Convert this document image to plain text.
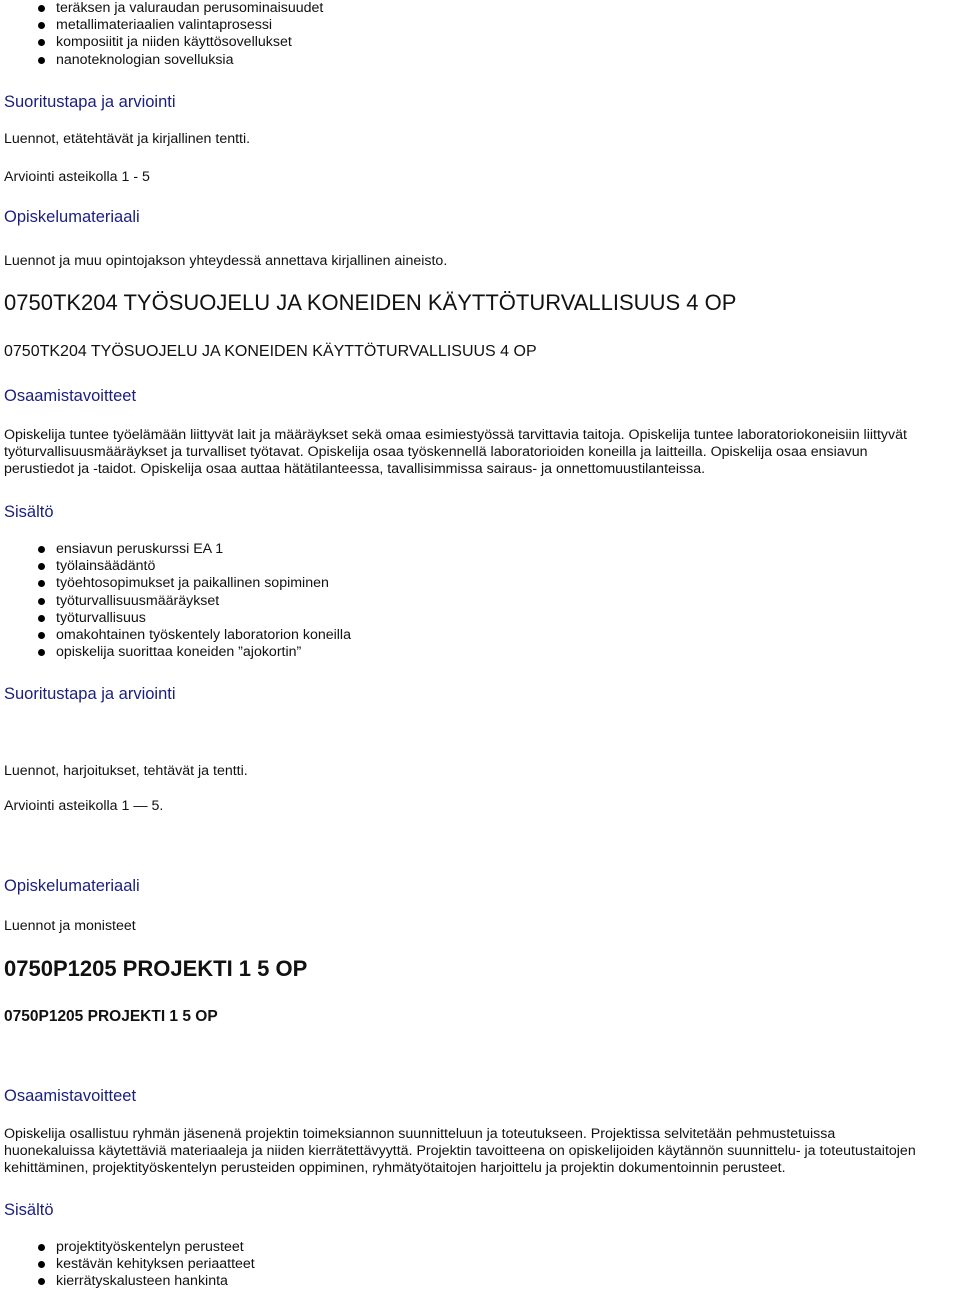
teräksen ja valuraudan perusominaisuudet
metallimateriaalien valintaprosessi
komposiitit ja niiden käyttösovellukset
nanoteknologian sovelluksia
Suoritustapa ja arviointi
Luennot, etätehtävät ja kirjallinen tentti.
Arviointi asteikolla 1 - 5
Opiskelumateriaali
Luennot ja muu opintojakson yhteydessä annettava kirjallinen aineisto.
0750TK204 TYÖSUOJELU JA KONEIDEN KÄYTTÖTURVALLISUUS 4 OP
0750TK204 TYÖSUOJELU JA KONEIDEN KÄYTTÖTURVALLISUUS 4 OP
Osaamistavoitteet
Opiskelija tuntee työelämään liittyvät lait ja määräykset sekä omaa esimiestyössä tarvittavia taitoja. Opiskelija tuntee laboratoriokoneisiin liittyvät
työturvallisuusmääräykset ja turvalliset työtavat. Opiskelija osaa työskennellä laboratorioiden koneilla ja laitteilla. Opiskelija osaa ensiavun
perustiedot ja -taidot. Opiskelija osaa auttaa hätätilanteessa, tavallisimmissa sairaus- ja onnettomuustilanteissa.
Sisältö
ensiavun peruskurssi EA 1
työlainsäädäntö
työehtosopimukset ja paikallinen sopiminen
työturvallisuusmääräykset
työturvallisuus
omakohtainen työskentely laboratorion koneilla
opiskelija suorittaa koneiden ”ajokortin”
Suoritustapa ja arviointi
Luennot, harjoitukset, tehtävät ja tentti.
Arviointi asteikolla 1 — 5.
Opiskelumateriaali
Luennot ja monisteet
0750P1205 PROJEKTI 1 5 OP
0750P1205 PROJEKTI 1 5 OP
Osaamistavoitteet
Opiskelija osallistuu ryhmän jäsenenä projektin toimeksiannon suunnitteluun ja toteutukseen. Projektissa selvitetään pehmustetuissa
huonekaluissa käytettäviä materiaaleja ja niiden kierrätettävyyttä. Projektin tavoitteena on opiskelijoiden käytännön suunnittelu- ja toteutustaitojen
kehittäminen, projektityöskentelyn perusteiden oppiminen, ryhmätyötaitojen harjoittelu ja projektin dokumentoinnin perusteet.
Sisältö
projektityöskentelyn perusteet
kestävän kehityksen periaatteet
kierrätyskalusteen hankinta
